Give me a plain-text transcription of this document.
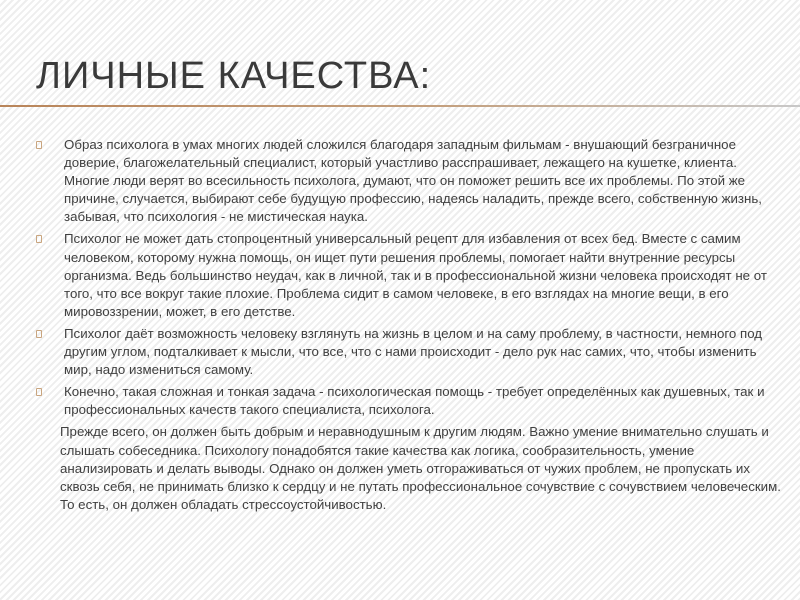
ЛИЧНЫЕ КАЧЕСТВА:
Образ психолога в умах многих людей сложился благодаря западным фильмам - внушающий безграничное доверие, благожелательный специалист, который участливо расспрашивает, лежащего на кушетке, клиента. Многие люди верят во всесильность психолога, думают, что он поможет решить все их проблемы. По этой же причине, случается, выбирают себе будущую профессию, надеясь наладить, прежде всего, собственную жизнь, забывая, что психология - не мистическая наука.
Психолог не может дать стопроцентный универсальный рецепт для избавления от всех бед. Вместе с самим человеком, которому нужна помощь, он ищет пути решения проблемы, помогает найти внутренние ресурсы организма. Ведь большинство неудач, как в личной, так и в профессиональной жизни человека происходят не от того, что все вокруг такие плохие. Проблема сидит в самом человеке, в его взглядах на многие вещи, в его мировоззрении, может, в его детстве.
Психолог даёт возможность человеку взглянуть на жизнь в целом и на саму проблему, в частности, немного под другим углом, подталкивает к мысли, что все, что с нами происходит - дело рук нас самих, что, чтобы изменить мир, надо измениться самому.
Конечно, такая сложная и тонкая задача - психологическая помощь - требует определённых как душевных, так и профессиональных качеств такого специалиста, психолога.
Прежде всего, он должен быть добрым и неравнодушным к другим людям. Важно умение внимательно слушать и слышать собеседника. Психологу понадобятся такие качества как логика, сообразительность, умение анализировать и делать выводы. Однако он должен уметь отгораживаться от чужих проблем, не пропускать их сквозь себя, не принимать близко к сердцу и не путать профессиональное сочувствие с сочувствием человеческим. То есть, он должен обладать стрессоустойчивостью.
